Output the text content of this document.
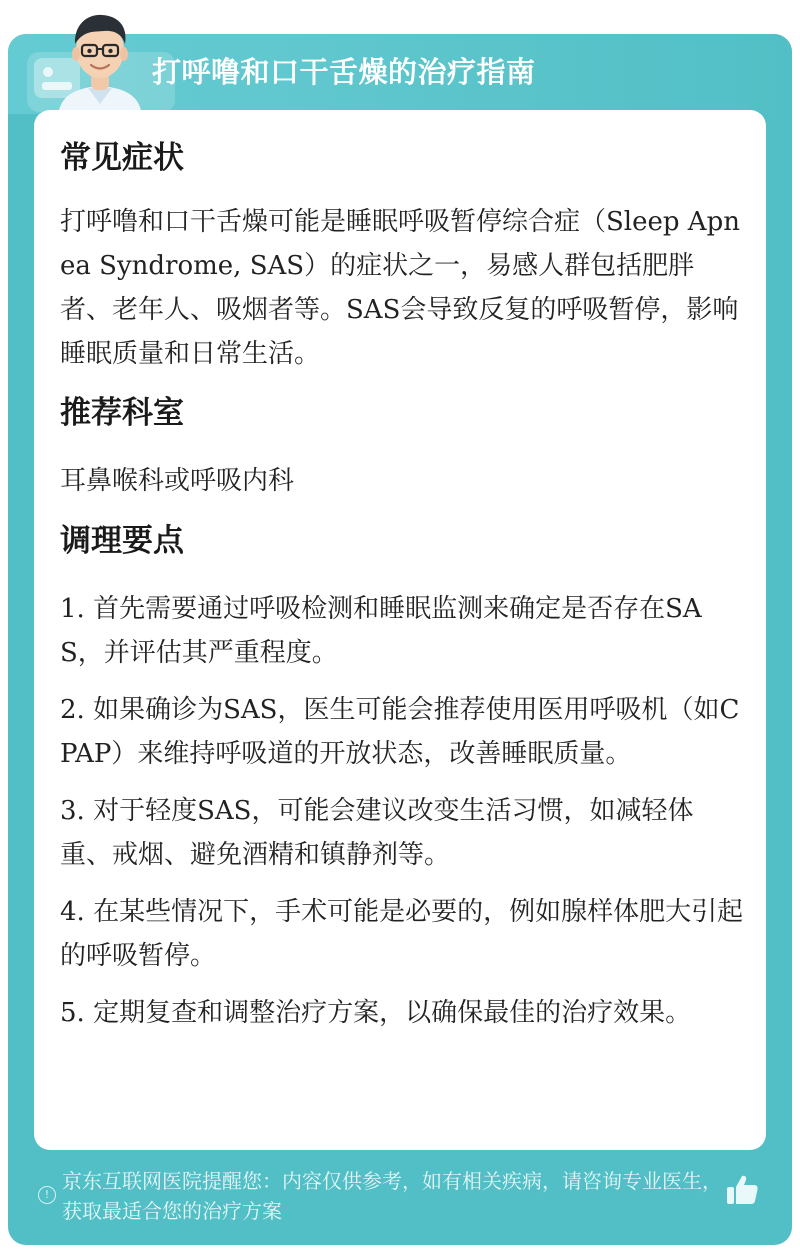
打呼噜和口干舌燥的治疗指南
常见症状

打呼噜和口干舌燥可能是睡眠呼吸暂停综合症（Sleep Apnea Syndrome, SAS）的症状之一，易感人群包括肥胖者、老年人、吸烟者等。SAS会导致反复的呼吸暂停，影响睡眠质量和日常生活。

推荐科室

耳鼻喉科或呼吸内科

调理要点
1. 首先需要通过呼吸检测和睡眠监测来确定是否存在SAS，并评估其严重程度。
2. 如果确诊为SAS，医生可能会推荐使用医用呼吸机（如CPAP）来维持呼吸道的开放状态，改善睡眠质量。
3. 对于轻度SAS，可能会建议改变生活习惯，如减轻体重、戒烟、避免酒精和镇静剂等。
4. 在某些情况下，手术可能是必要的，例如腺样体肥大引起的呼吸暂停。
5. 定期复查和调整治疗方案，以确保最佳的治疗效果。
!
京东互联网医院提醒您：内容仅供参考，如有相关疾病，请咨询专业医生，获取最适合您的治疗方案
